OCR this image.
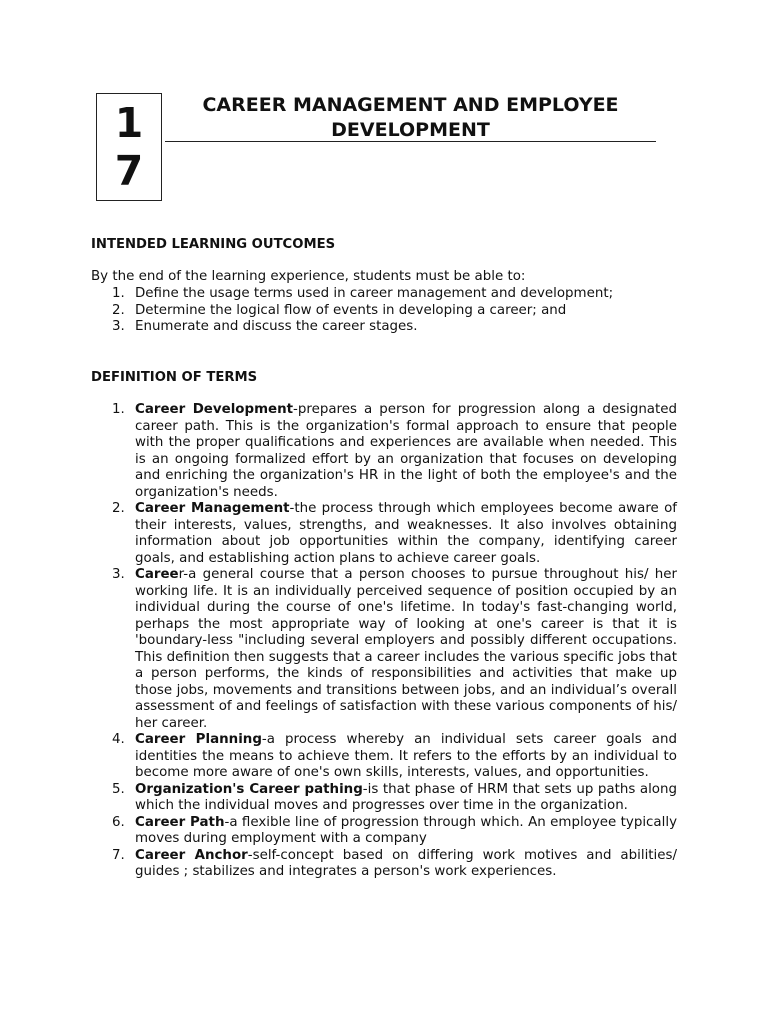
1
7
CAREER MANAGEMENT AND EMPLOYEE
DEVELOPMENT
INTENDED LEARNING OUTCOMES
By the end of the learning experience, students must be able to:
1. Define the usage terms used in career management and development;
2. Determine the logical flow of events in developing a career; and
3. Enumerate and discuss the career stages.
DEFINITION OF TERMS
1. Career Development-prepares a person for progression along a designated career path. This is the organization's formal approach to ensure that people with the proper qualifications and experiences are available when needed. This is an ongoing formalized effort by an organization that focuses on developing and enriching the organization's HR in the light of both the employee's and the organization's needs.
2. Career Management-the process through which employees become aware of their interests, values, strengths, and weaknesses. It also involves obtaining information about job opportunities within the company, identifying career goals, and establishing action plans to achieve career goals.
3. Career-a general course that a person chooses to pursue throughout his/ her working life. It is an individually perceived sequence of position occupied by an individual during the course of one's lifetime. In today's fast-changing world, perhaps the most appropriate way of looking at one's career is that it is 'boundary-less "including several employers and possibly different occupations. This definition then suggests that a career includes the various specific jobs that a person performs, the kinds of responsibilities and activities that make up those jobs, movements and transitions between jobs, and an individual’s overall assessment of and feelings of satisfaction with these various components of his/ her career.
4. Career Planning-a process whereby an individual sets career goals and identities the means to achieve them. It refers to the efforts by an individual to become more aware of one's own skills, interests, values, and opportunities.
5. Organization's Career pathing-is that phase of HRM that sets up paths along which the individual moves and progresses over time in the organization.
6. Career Path-a flexible line of progression through which. An employee typically moves during employment with a company
7. Career Anchor-self-concept based on differing work motives and abilities/ guides ; stabilizes and integrates a person's work experiences.
